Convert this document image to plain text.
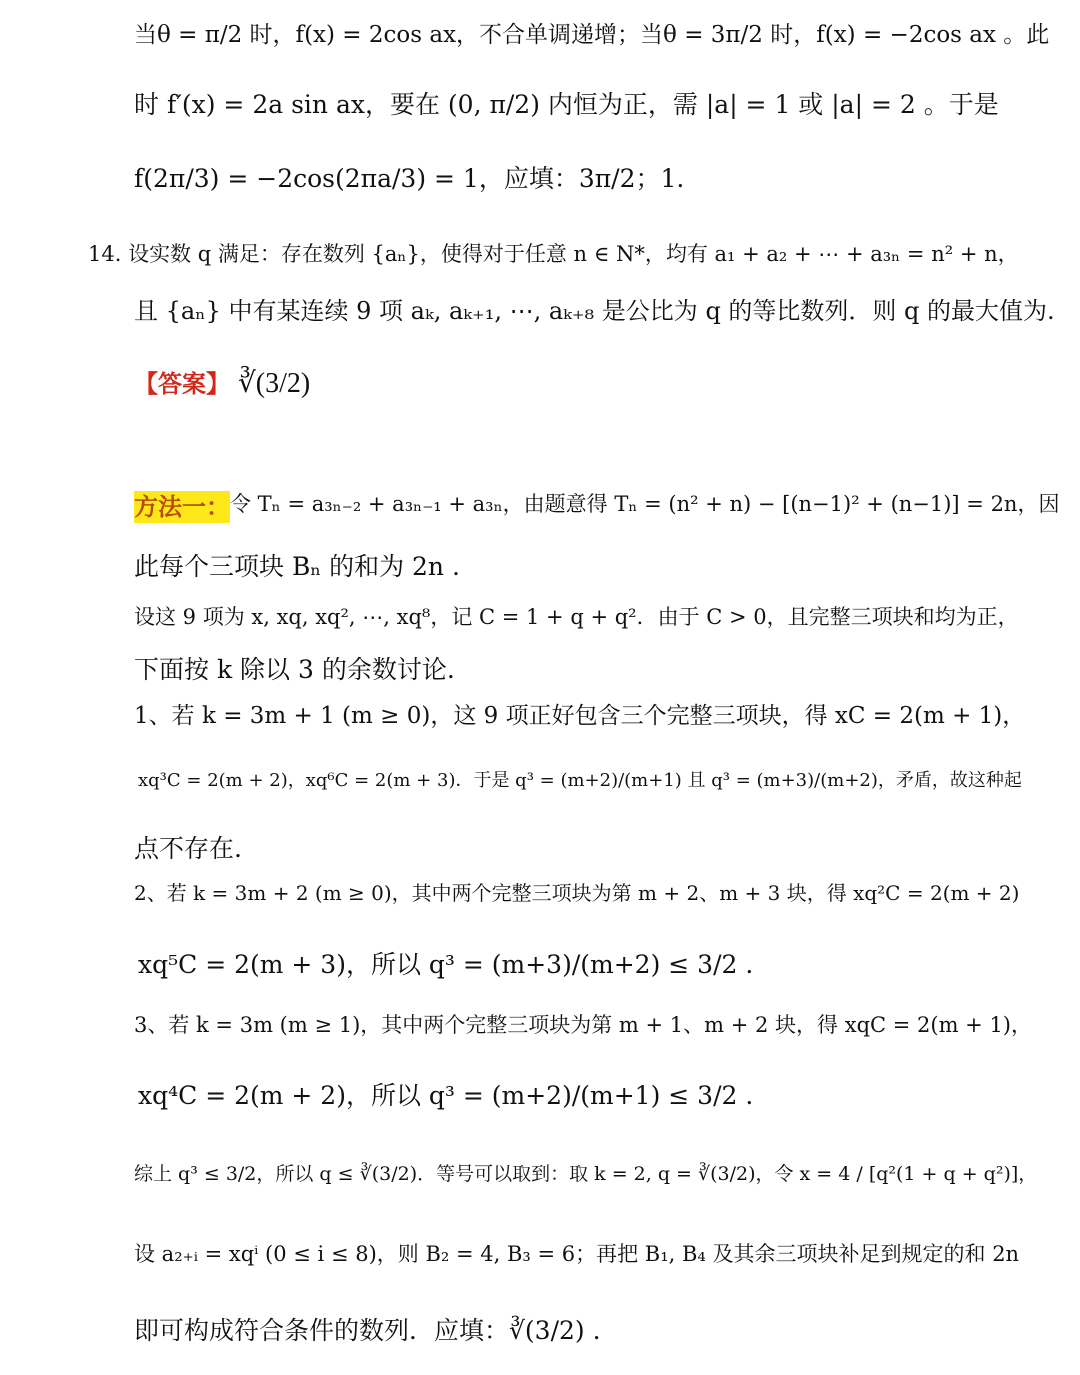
当θ = π/2 时，f(x) = 2cos ax，不合单调递增；当θ = 3π/2 时，f(x) = −2cos ax 。此
时 f′(x) = 2a sin ax，要在 (0, π/2) 内恒为正，需 |a| = 1 或 |a| = 2 。于是
f(2π/3) = −2cos(2πa/3) = 1，应填：3π/2；1.
14. 设实数 q 满足：存在数列 {aₙ}，使得对于任意 n ∈ N*，均有 a₁ + a₂ + ⋯ + a₃ₙ = n² + n，
且 {aₙ} 中有某连续 9 项 aₖ, aₖ₊₁, ⋯, aₖ₊₈ 是公比为 q 的等比数列．则 q 的最大值为.
【答案】 ∛(3/2)
方法一： 令 Tₙ = a₃ₙ₋₂ + a₃ₙ₋₁ + a₃ₙ，由题意得 Tₙ = (n² + n) − [(n−1)² + (n−1)] = 2n，因
此每个三项块 Bₙ 的和为 2n .
设这 9 项为 x, xq, xq², ⋯, xq⁸，记 C = 1 + q + q²．由于 C > 0，且完整三项块和均为正，
下面按 k 除以 3 的余数讨论.
1、若 k = 3m + 1 (m ≥ 0)，这 9 项正好包含三个完整三项块，得 xC = 2(m + 1)，
xq³C = 2(m + 2)，xq⁶C = 2(m + 3)．于是 q³ = (m+2)/(m+1) 且 q³ = (m+3)/(m+2)，矛盾，故这种起
点不存在.
2、若 k = 3m + 2 (m ≥ 0)，其中两个完整三项块为第 m + 2、m + 3 块，得 xq²C = 2(m + 2)
xq⁵C = 2(m + 3)，所以 q³ = (m+3)/(m+2) ≤ 3/2 .
3、若 k = 3m (m ≥ 1)，其中两个完整三项块为第 m + 1、m + 2 块，得 xqC = 2(m + 1)，
xq⁴C = 2(m + 2)，所以 q³ = (m+2)/(m+1) ≤ 3/2 .
综上 q³ ≤ 3/2，所以 q ≤ ∛(3/2)．等号可以取到：取 k = 2, q = ∛(3/2)，令 x = 4 / [q²(1 + q + q²)]，
设 a₂₊ᵢ = xqⁱ (0 ≤ i ≤ 8)，则 B₂ = 4, B₃ = 6；再把 B₁, B₄ 及其余三项块补足到规定的和 2n
即可构成符合条件的数列．应填：∛(3/2) .
